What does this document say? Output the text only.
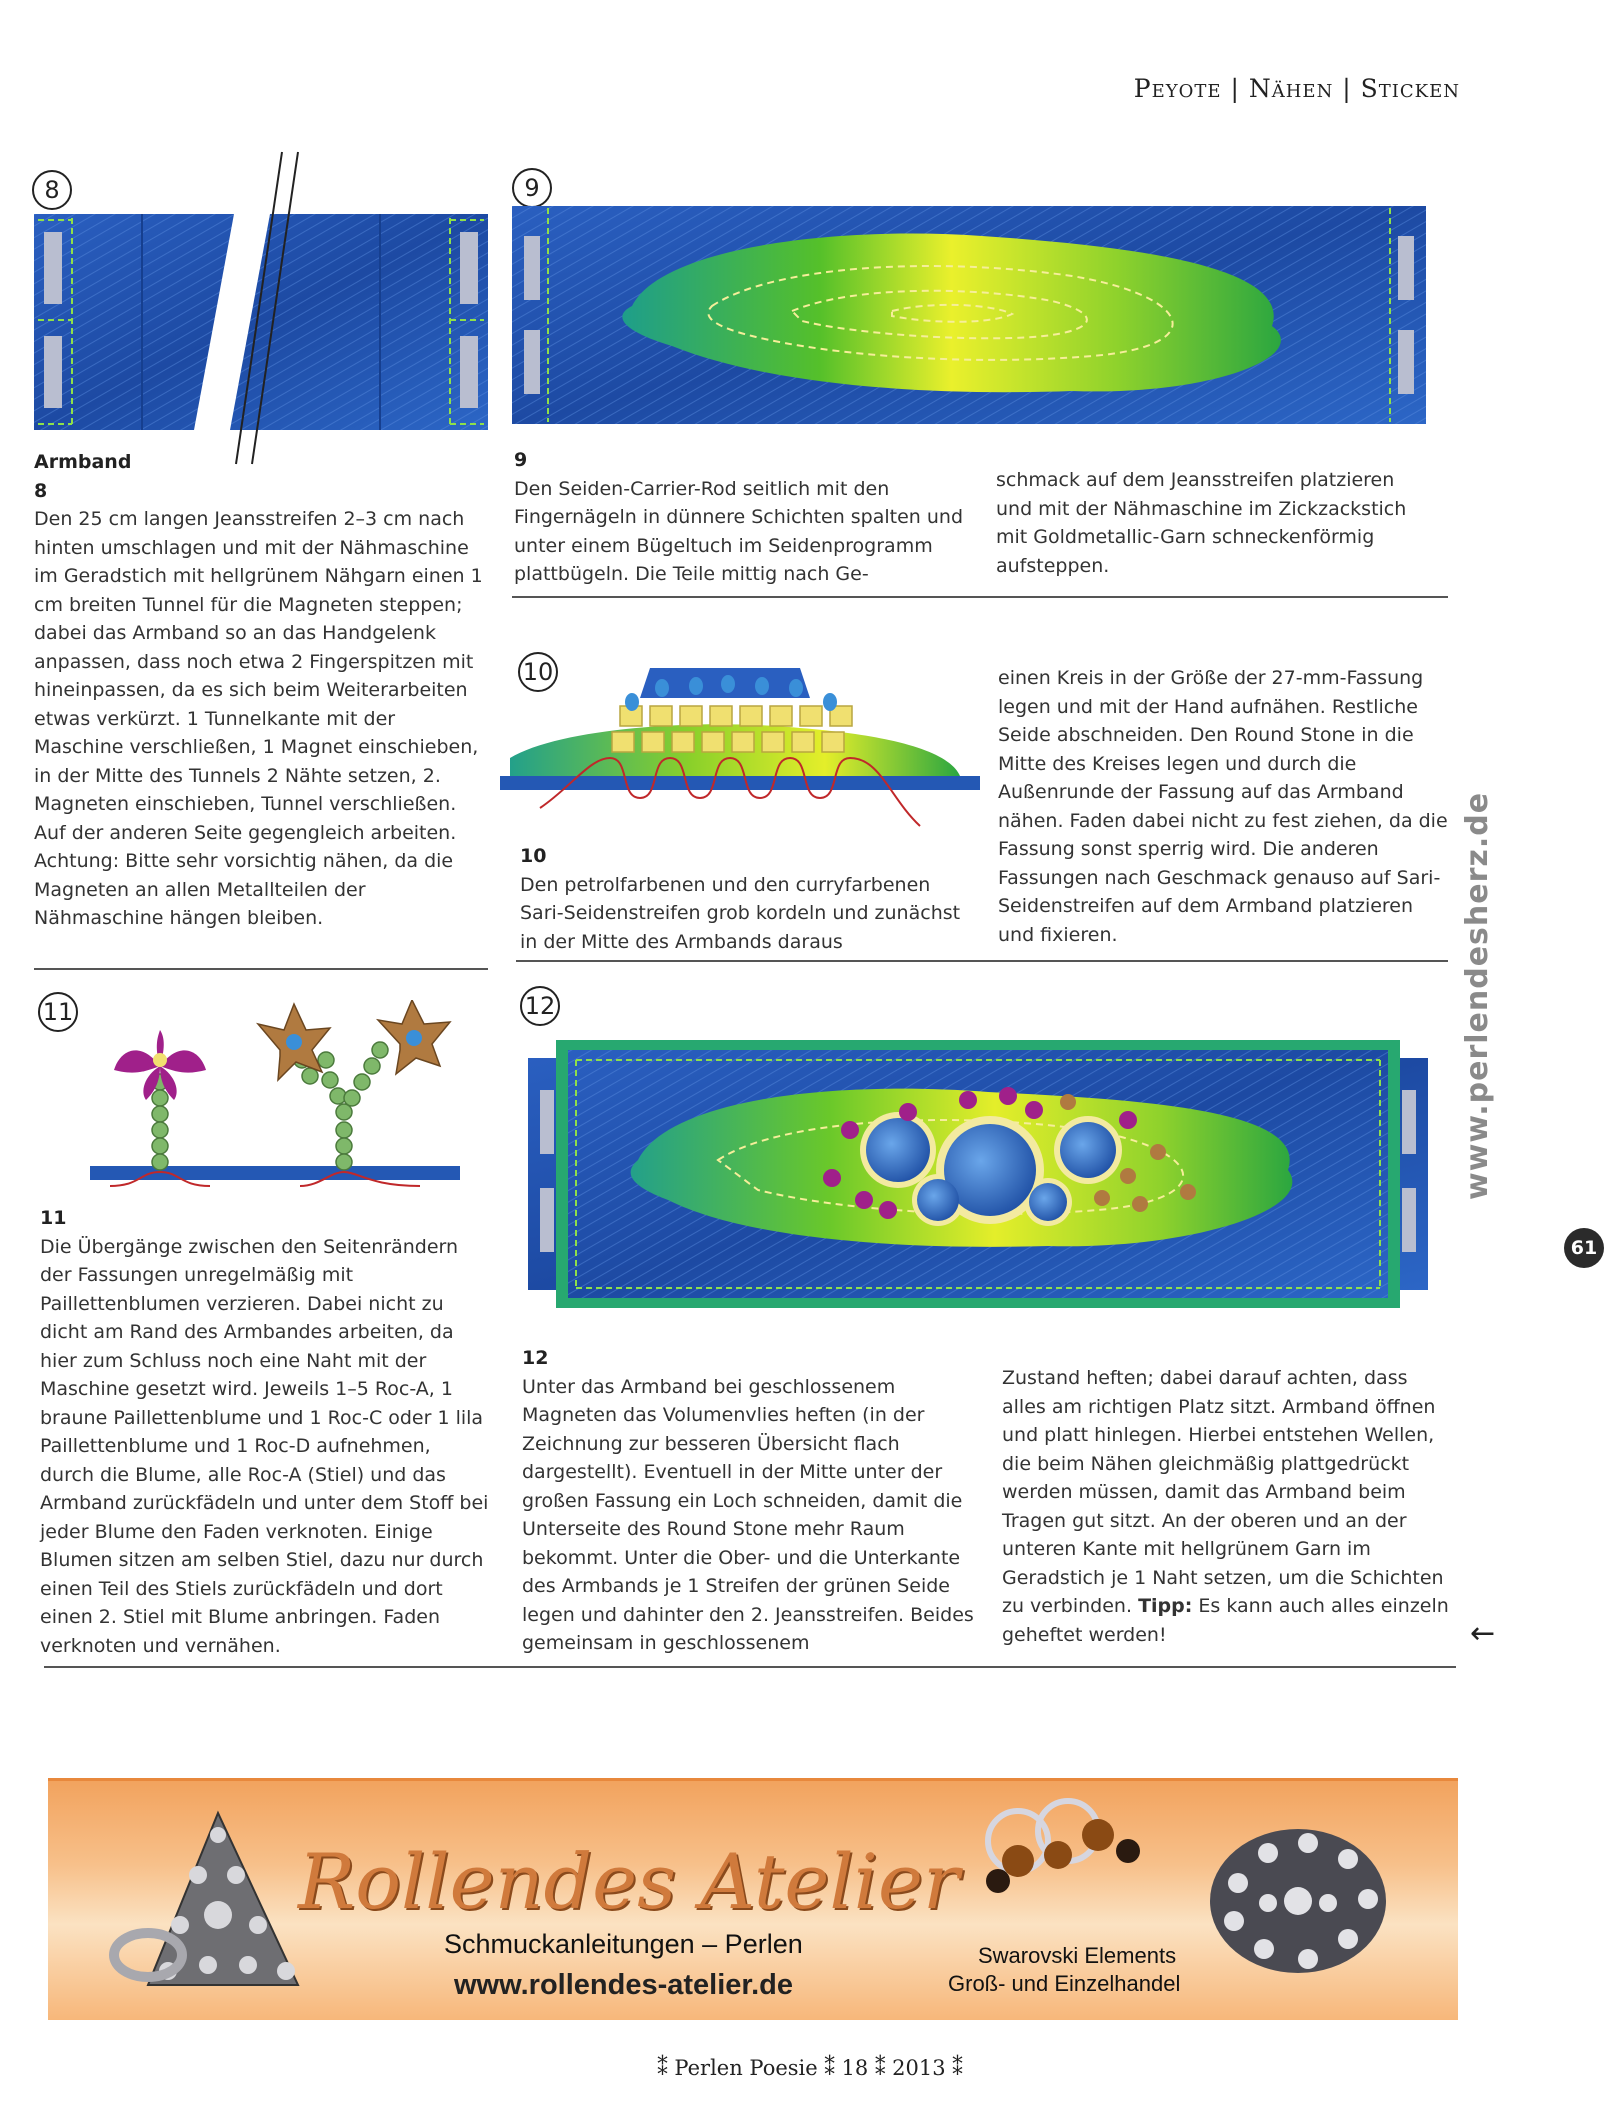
Peyote | Nähen | Sticken
8
Armband
8
Den 25 cm langen Jeansstreifen 2–3 cm nach hinten umschlagen und mit der Nähmaschine im Geradstich mit hellgrünem Nähgarn einen 1 cm breiten Tunnel für die Magneten steppen; dabei das Armband so an das Handgelenk anpassen, dass noch etwa 2 Fingerspitzen mit hineinpassen, da es sich beim Weiterarbeiten etwas verkürzt. 1 Tunnelkante mit der Maschine verschließen, 1 Magnet einschieben, in der Mitte des Tunnels 2 Nähte setzen, 2. Magneten einschieben, Tunnel verschließen. Auf der anderen Seite gegengleich arbeiten. Achtung: Bitte sehr vorsichtig nähen, da die Magneten an allen Metallteilen der Nähmaschine hängen bleiben.
9
9
Den Seiden-Carrier-Rod seitlich mit den Fingernägeln in dünnere Schichten spalten und unter einem Bügeltuch im Seidenprogramm plattbügeln. Die Teile mittig nach Ge-
schmack auf dem Jeansstreifen platzieren und mit der Nähmaschine im Zickzackstich mit Goldmetallic-Garn schneckenförmig aufsteppen.
10
10
Den petrolfarbenen und den curryfarbenen Sari-Seidenstreifen grob kordeln und zunächst in der Mitte des Armbands daraus
einen Kreis in der Größe der 27-mm-Fassung legen und mit der Hand aufnähen. Restliche Seide abschneiden. Den Round Stone in die Mitte des Kreises legen und durch die Außenrunde der Fassung auf das Armband nähen. Faden dabei nicht zu fest ziehen, da die Fassung sonst sperrig wird. Die anderen Fassungen nach Geschmack genauso auf Sari-Seidenstreifen auf dem Armband platzieren und fixieren.
11
11
Die Übergänge zwischen den Seitenrändern der Fassungen unregelmäßig mit Paillettenblumen verzieren. Dabei nicht zu dicht am Rand des Armbandes arbeiten, da hier zum Schluss noch eine Naht mit der Maschine gesetzt wird. Jeweils 1–5 Roc-A, 1 braune Paillettenblume und 1 Roc-C oder 1 lila Paillettenblume und 1 Roc-D aufnehmen, durch die Blume, alle Roc-A (Stiel) und das Armband zurückfädeln und unter dem Stoff bei jeder Blume den Faden verknoten. Einige Blumen sitzen am selben Stiel, dazu nur durch einen Teil des Stiels zurückfädeln und dort einen 2. Stiel mit Blume anbringen. Faden verknoten und vernähen.
12
12
Unter das Armband bei geschlossenem Magneten das Volumenvlies heften (in der Zeichnung zur besseren Übersicht flach dargestellt). Eventuell in der Mitte unter der großen Fassung ein Loch schneiden, damit die Unterseite des Round Stone mehr Raum bekommt. Unter die Ober- und die Unterkante des Armbands je 1 Streifen der grünen Seide legen und dahinter den 2. Jeansstreifen. Beides gemeinsam in geschlossenem
Zustand heften; dabei darauf achten, dass alles am richtigen Platz sitzt. Armband öffnen und platt hinlegen. Hierbei entstehen Wellen, die beim Nähen gleichmäßig plattgedrückt werden müssen, damit das Armband beim Tragen gut sitzt. An der oberen und an der unteren Kante mit hellgrünem Garn im Geradstich je 1 Naht setzen, um die Schichten zu verbinden. Tipp: Es kann auch alles einzeln geheftet werden!
www.perlendesherz.de
61
←
Rollendes Atelier
Schmuckanleitungen – Perlen
www.rollendes-atelier.de
Swarovski Elements
Groß- und Einzelhandel
⁑ Perlen Poesie ⁑ 18 ⁑ 2013 ⁑
